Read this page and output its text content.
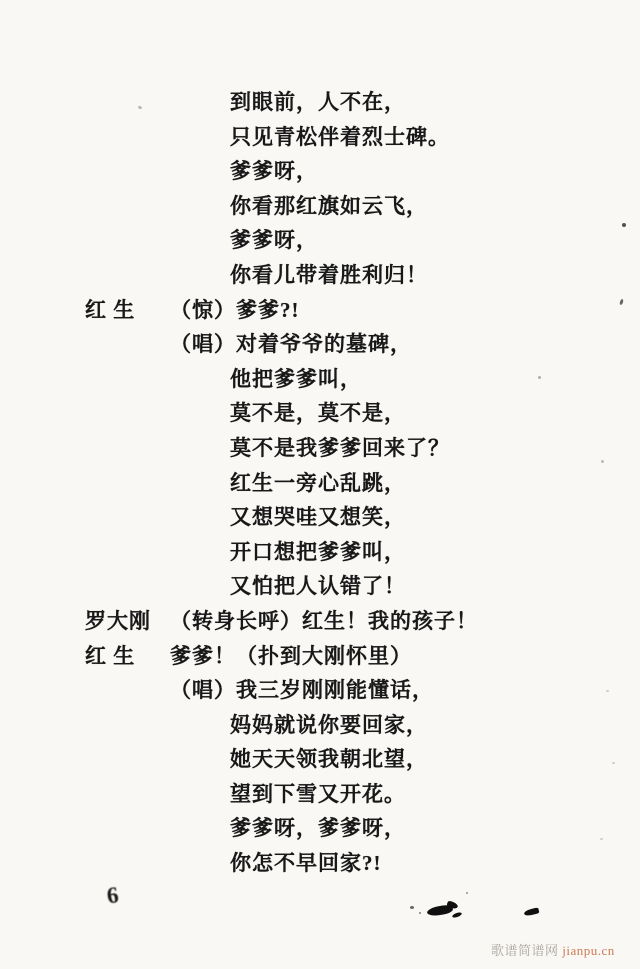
到眼前，人不在，
只见青松伴着烈士碑。
爹爹呀，
你看那红旗如云飞，
爹爹呀，
你看儿带着胜利归！
红 生 （惊）爹爹?!
（唱）对着爷爷的墓碑，
他把爹爹叫，
莫不是，莫不是，
莫不是我爹爹回来了？
红生一旁心乱跳，
又想哭哇又想笑，
开口想把爹爹叫，
又怕把人认错了！
罗大刚 （转身长呼）红生！我的孩子！
红 生 爹爹！（扑到大刚怀里）
（唱）我三岁刚刚能懂话，
妈妈就说你要回家，
她天天领我朝北望，
望到下雪又开花。
爹爹呀，爹爹呀，
你怎不早回家?!
6
歌谱简谱网 jianpu.cn
